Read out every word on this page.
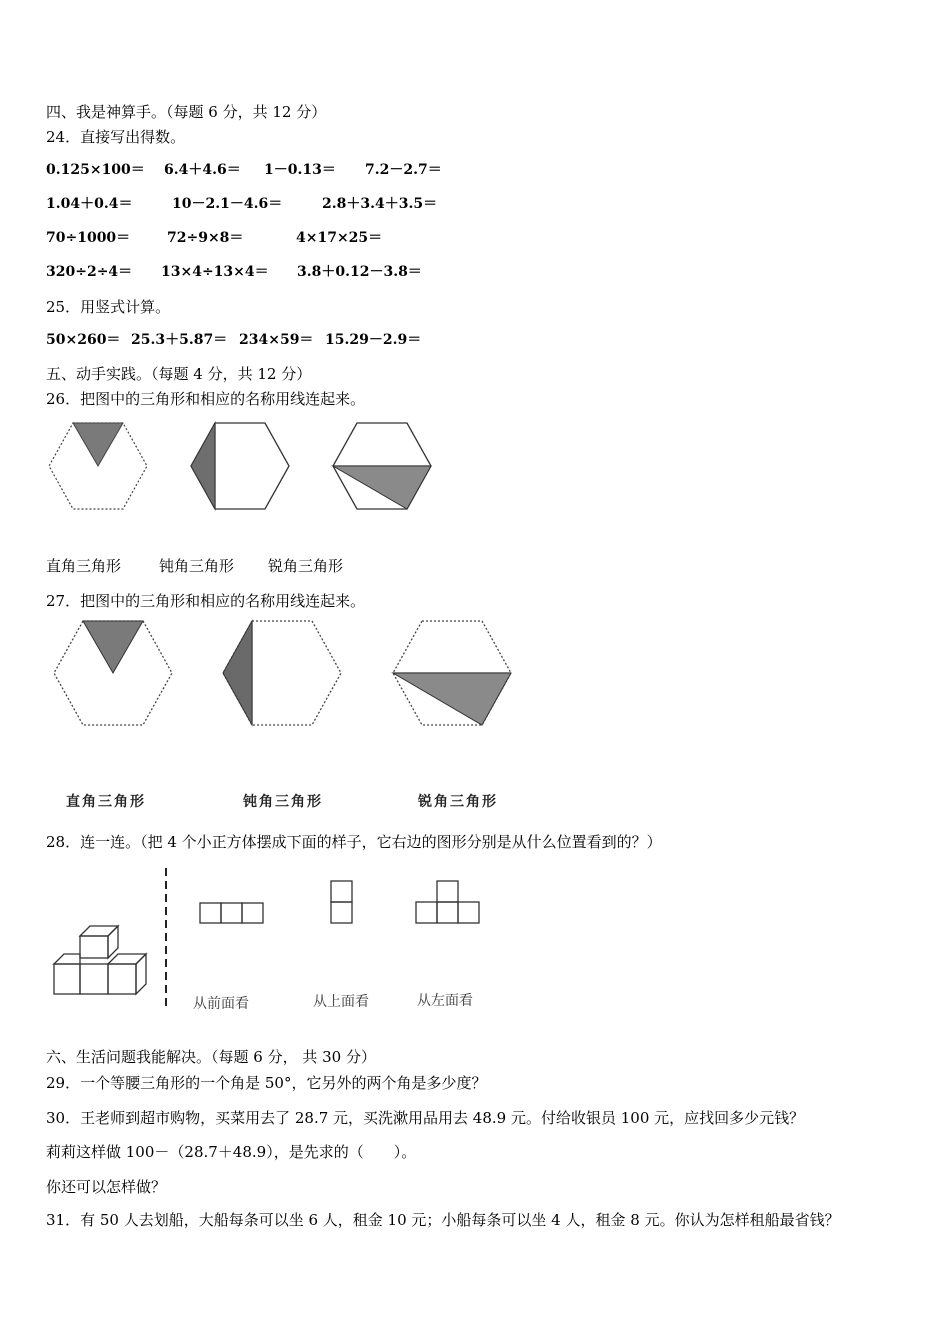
四、我是神算手。（每题 6 分，共 12 分）
24．直接写出得数。
0.125×100＝ 6.4＋4.6＝ 1－0.13＝ 7.2－2.7＝
1.04＋0.4＝	10－2.1－4.6＝	2.8＋3.4＋3.5＝
70÷1000＝	72÷9×8＝	4×17×25＝
320÷2÷4＝ 13×4÷13×4＝ 3.8＋0.12－3.8＝
25．用竖式计算。
50×260＝ 25.3＋5.87＝ 234×59＝ 15.29－2.9＝
五、动手实践。（每题 4 分，共 12 分）
26．把图中的三角形和相应的名称用线连起来。
直角三角形	钝角三角形 锐角三角形
27．把图中的三角形和相应的名称用线连起来。
直角三角形	钝角三角形	锐角三角形
28．连一连。（把 4 个小正方体摆成下面的样子，它右边的图形分别是从什么位置看到的？）
从前面看	从上面看	从左面看
六、生活问题我能解决。（每题 6 分， 共 30 分）
29．一个等腰三角形的一个角是 50°，它另外的两个角是多少度？
30．王老师到超市购物，买菜用去了 28.7 元，买洗漱用品用去 48.9 元。付给收银员 100 元，应找回多少元钱？
莉莉这样做 100－（28.7＋48.9），是先求的（　　）。
你还可以怎样做？
31．有 50 人去划船，大船每条可以坐 6 人，租金 10 元；小船每条可以坐 4 人，租金 8 元。你认为怎样租船最省钱？
